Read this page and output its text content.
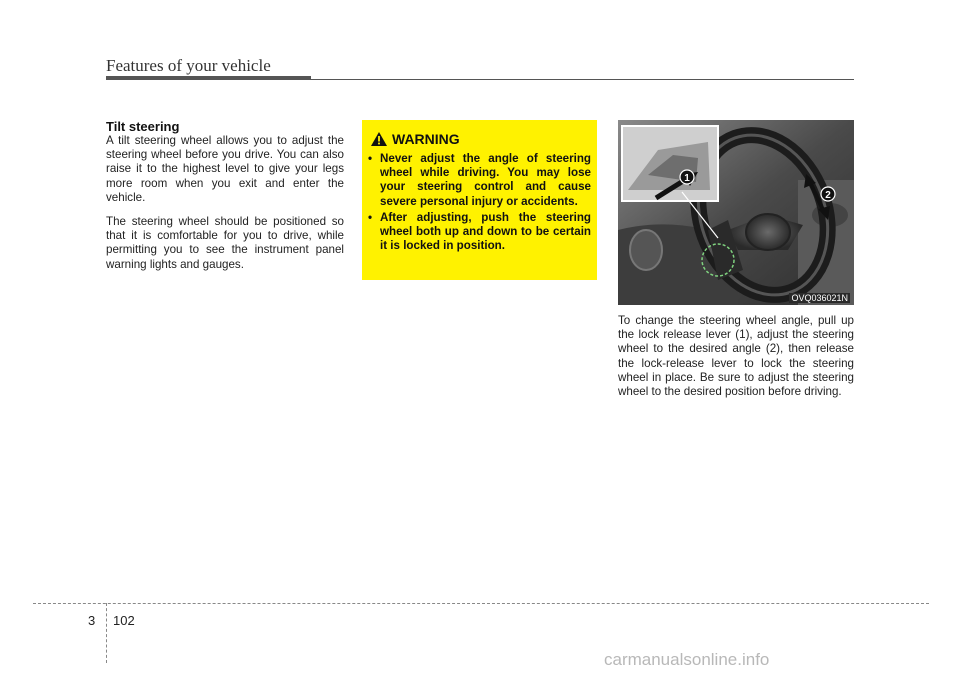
Features of your vehicle
Tilt steering

A tilt steering wheel allows you to adjust the steering wheel before you drive. You can also raise it to the highest level to give your legs more room when you exit and enter the vehicle.

The steering wheel should be positioned so that it is comfortable for you to drive, while permitting you to see the instrument panel warning lights and gauges.

WARNING
• Never adjust the angle of steering wheel while driving. You may lose your steering control and cause severe personal injury or accidents.
• After adjusting, push the steering wheel both up and down to be certain it is locked in position.
1
2
OVQ036021N

To change the steering wheel angle, pull up the lock release lever (1), adjust the steering wheel to the desired angle (2), then release the lock-release lever to lock the steering wheel in place. Be sure to adjust the steering wheel to the desired position before driving.

3 102
carmanualsonline.info
